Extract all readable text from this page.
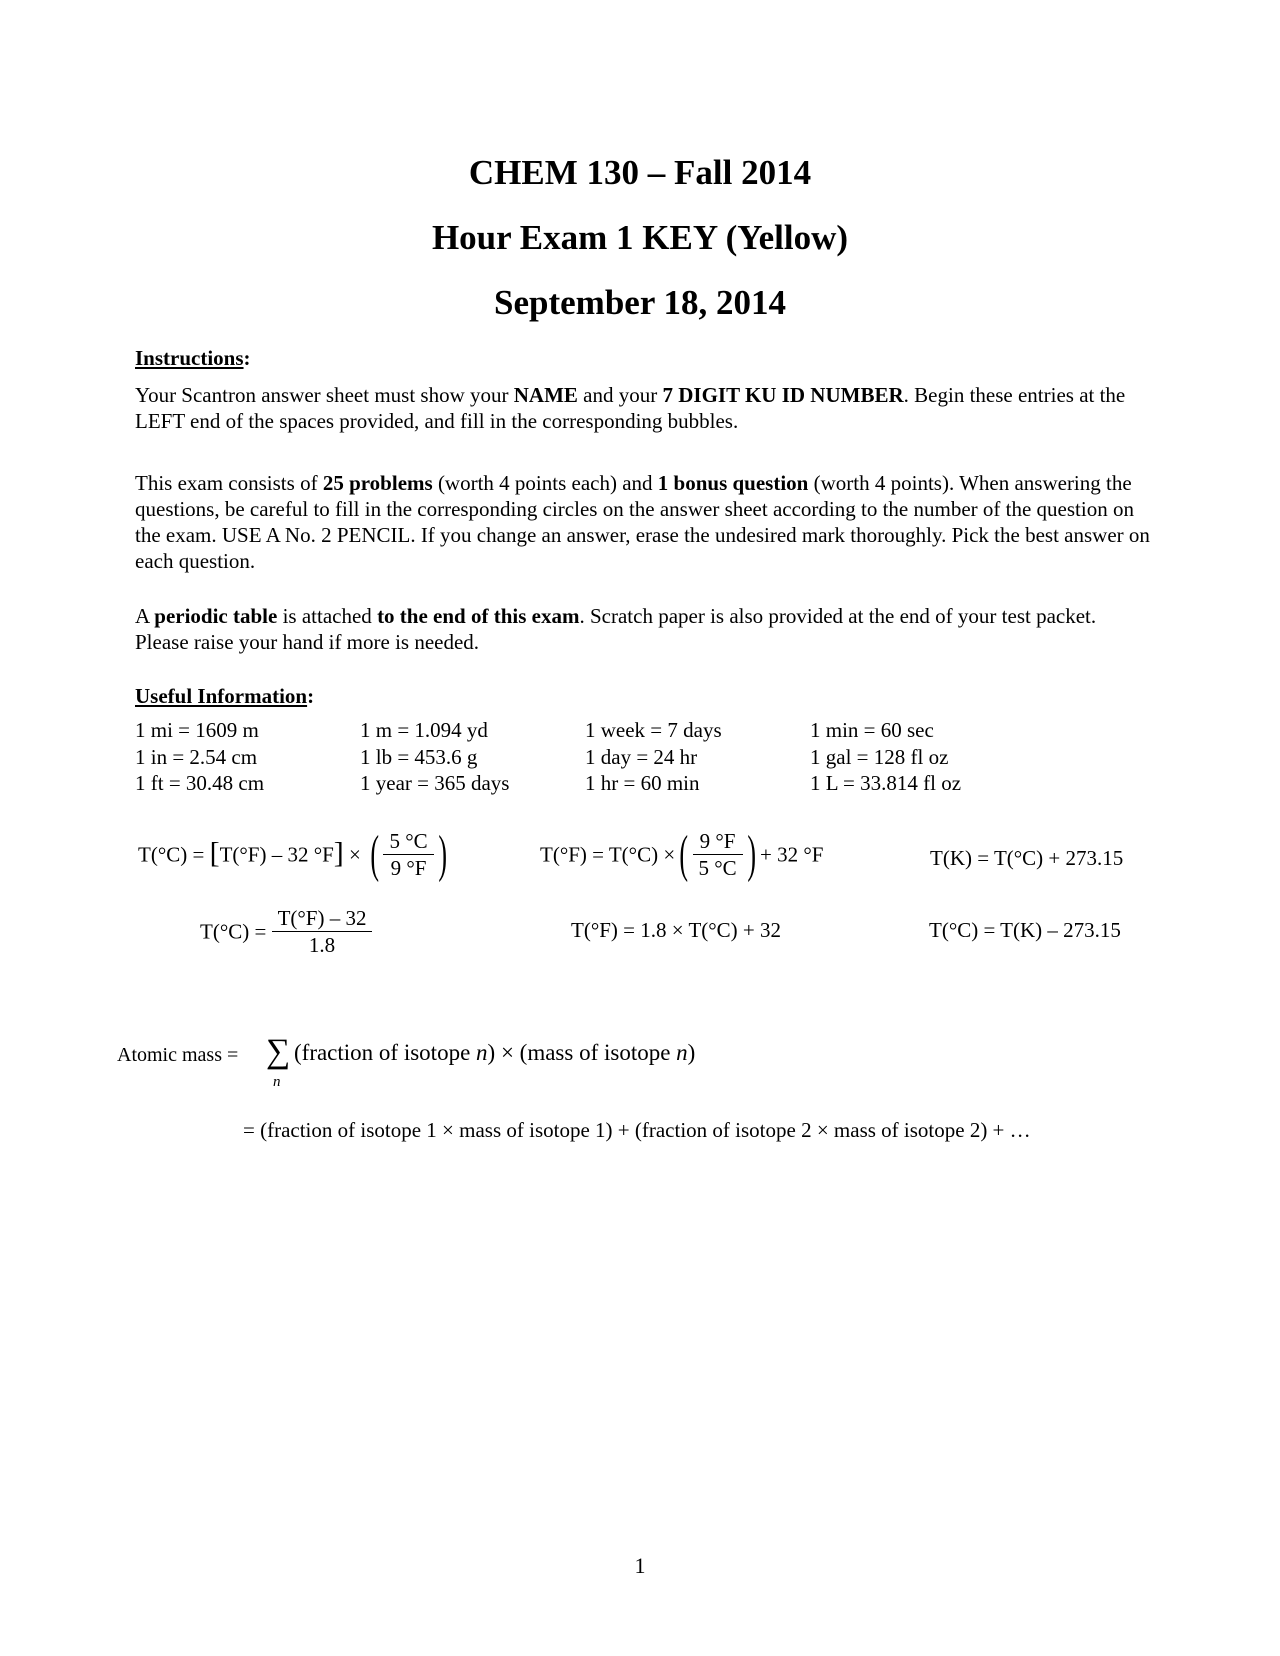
CHEM 130 – Fall 2014
Hour Exam 1 KEY (Yellow)
September 18, 2014
Instructions:
Your Scantron answer sheet must show your NAME and your 7 DIGIT KU ID NUMBER. Begin these entries at the LEFT end of the spaces provided, and fill in the corresponding bubbles.
This exam consists of 25 problems (worth 4 points each) and 1 bonus question (worth 4 points). When answering the questions, be careful to fill in the corresponding circles on the answer sheet according to the number of the question on the exam. USE A No. 2 PENCIL. If you change an answer, erase the undesired mark thoroughly. Pick the best answer on each question.
A periodic table is attached to the end of this exam. Scratch paper is also provided at the end of your test packet. Please raise your hand if more is needed.
Useful Information:
1 mi = 1609 m	1 m = 1.094 yd	1 week = 7 days	1 min = 60 sec
1 in = 2.54 cm	1 lb = 453.6 g	1 day = 24 hr	1 gal = 128 fl oz
1 ft = 30.48 cm	1 year = 365 days	1 hr = 60 min	1 L = 33.814 fl oz
T(°C) = [T(°F) – 32 °F] × ( $\frac{5 ^\circ C}{9 ^\circ F}$ )	T(°F) = T(°C) ×( $\frac{9 ^\circ F}{5 ^\circ C}$ ) + 32 °F	T(K) = T(°C) + 273.15
$T(^\circ C) = \frac{T(^\circ F) - 32}{1.8}$	T(°F) = 1.8 × T(°C) + 32	T(°C) = T(K) – 273.15
Atomic mass = ∑
n
(fraction of isotope n) × (mass of isotope n)
= (fraction of isotope 1 × mass of isotope 1) + (fraction of isotope 2 × mass of isotope 2) + …
1
